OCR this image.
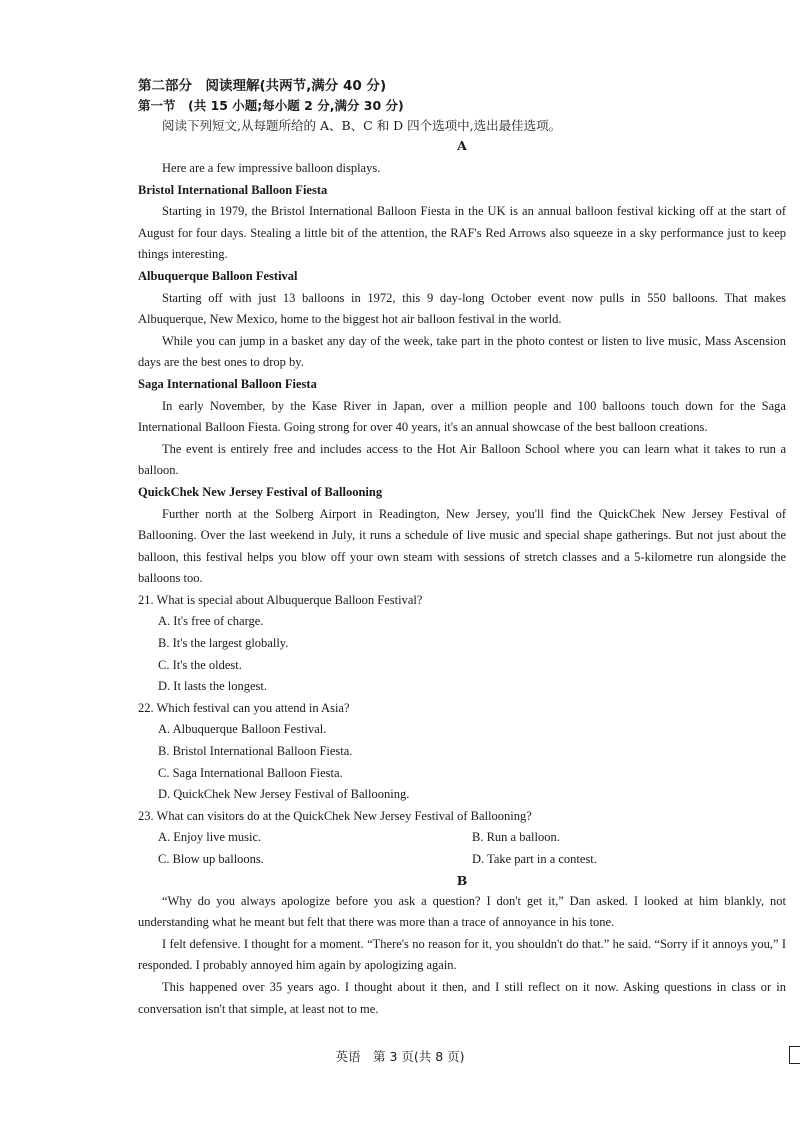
第二部分　阅读理解(共两节,满分 40 分)
第一节　(共 15 小题;每小题 2 分,满分 30 分)
阅读下列短文,从每题所给的 A、B、C 和 D 四个选项中,选出最佳选项。
A

Here are a few impressive balloon displays.

Bristol International Balloon Fiesta

Starting in 1979, the Bristol International Balloon Fiesta in the UK is an annual balloon festival kicking off at the start of August for four days. Stealing a little bit of the attention, the RAF's Red Arrows also squeeze in a sky performance just to keep things interesting.

Albuquerque Balloon Festival

Starting off with just 13 balloons in 1972, this 9 day-long October event now pulls in 550 balloons. That makes Albuquerque, New Mexico, home to the biggest hot air balloon festival in the world.

While you can jump in a basket any day of the week, take part in the photo contest or listen to live music, Mass Ascension days are the best ones to drop by.

Saga International Balloon Fiesta

In early November, by the Kase River in Japan, over a million people and 100 balloons touch down for the Saga International Balloon Fiesta. Going strong for over 40 years, it's an annual showcase of the best balloon creations.

The event is entirely free and includes access to the Hot Air Balloon School where you can learn what it takes to run a balloon.

QuickChek New Jersey Festival of Ballooning

Further north at the Solberg Airport in Readington, New Jersey, you'll find the QuickChek New Jersey Festival of Ballooning. Over the last weekend in July, it runs a schedule of live music and special shape gatherings. But not just about the balloon, this festival helps you blow off your own steam with sessions of stretch classes and a 5-kilometre run alongside the balloons too.

21. What is special about Albuquerque Balloon Festival?
A. It's free of charge.
B. It's the largest globally.
C. It's the oldest.
D. It lasts the longest.
22. Which festival can you attend in Asia?
A. Albuquerque Balloon Festival.
B. Bristol International Balloon Fiesta.
C. Saga International Balloon Fiesta.
D. QuickChek New Jersey Festival of Ballooning.
23. What can visitors do at the QuickChek New Jersey Festival of Ballooning?
A. Enjoy live music.	B. Run a balloon.
C. Blow up balloons.	D. Take part in a contest.
B

“Why do you always apologize before you ask a question? I don't get it,” Dan asked. I looked at him blankly, not understanding what he meant but felt that there was more than a trace of annoyance in his tone.

I felt defensive. I thought for a moment. “There's no reason for it, you shouldn't do that.” he said. “Sorry if it annoys you,” I responded. I probably annoyed him again by apologizing again.

This happened over 35 years ago. I thought about it then, and I still reflect on it now. Asking questions in class or in conversation isn't that simple, at least not to me.

英语　第 3 页(共 8 页)
